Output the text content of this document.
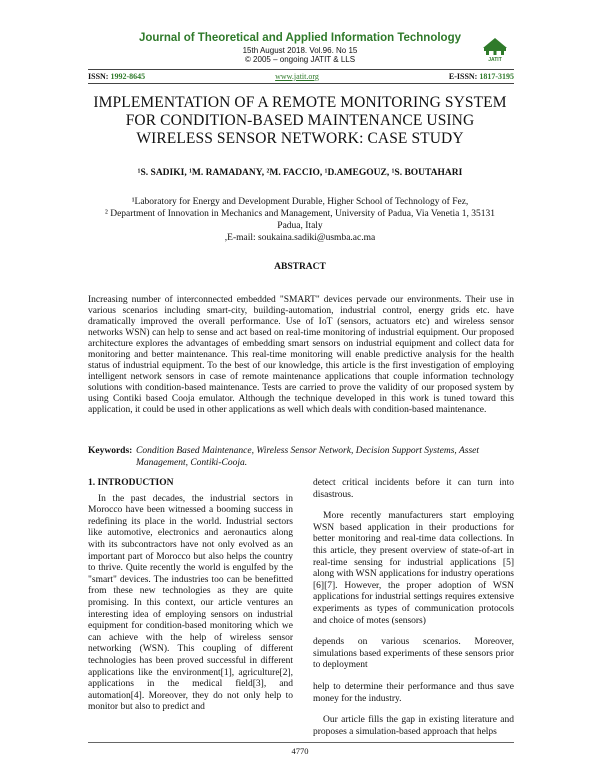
Journal of Theoretical and Applied Information Technology
15th August 2018. Vol.96. No 15
© 2005 – ongoing JATIT & LLS	JATIT
ISSN: 1992-8645	www.jatit.org	E-ISSN: 1817-3195
IMPLEMENTATION OF A REMOTE MONITORING SYSTEM
FOR CONDITION-BASED MAINTENANCE USING
WIRELESS SENSOR NETWORK: CASE STUDY
¹S. SADIKI, ¹M. RAMADANY, ²M. FACCIO, ¹D.AMEGOUZ, ¹S. BOUTAHARI
¹Laboratory for Energy and Development Durable, Higher School of Technology of Fez,
² Department of Innovation in Mechanics and Management, University of Padua, Via Venetia 1, 35131
Padua, Italy
,E-mail: soukaina.sadiki@usmba.ac.ma
ABSTRACT
Increasing number of interconnected embedded "SMART" devices pervade our environments. Their use in various scenarios including smart-city, building-automation, industrial control, energy grids etc. have dramatically improved the overall performance. Use of IoT (sensors, actuators etc) and wireless sensor networks WSN) can help to sense and act based on real-time monitoring of industrial equipment. Our proposed architecture explores the advantages of embedding smart sensors on industrial equipment and collect data for monitoring and better maintenance. This real-time monitoring will enable predictive analysis for the health status of industrial equipment. To the best of our knowledge, this article is the first investigation of employing intelligent network sensors in case of remote maintenance applications that couple information technology solutions with condition-based maintenance. Tests are carried to prove the validity of our proposed system by using Contiki based Cooja emulator. Although the technique developed in this work is tuned toward this application, it could be used in other applications as well which deals with condition-based maintenance.
Keywords: Condition Based Maintenance, Wireless Sensor Network, Decision Support Systems, Asset Management, Contiki-Cooja.
1. INTRODUCTION

In the past decades, the industrial sectors in Morocco have been witnessed a booming success in redefining its place in the world. Industrial sectors like automotive, electronics and aeronautics along with its subcontractors have not only evolved as an important part of Morocco but also helps the country to thrive. Quite recently the world is engulfed by the "smart" devices. The industries too can be benefitted from these new technologies as they are quite promising. In this context, our article ventures an interesting idea of employing sensors on industrial equipment for condition-based monitoring which we can achieve with the help of wireless sensor networking (WSN). This coupling of different technologies has been proved successful in different applications like the environment[1], agriculture[2], applications in the medical field[3], and automation[4]. Moreover, they do not only help to monitor but also to predict and

detect critical incidents before it can turn into disastrous.

More recently manufacturers start employing WSN based application in their productions for better monitoring and real-time data collections. In this article, they present overview of state-of-art in real-time sensing for industrial applications [5] along with WSN applications for industry operations [6][7]. However, the proper adoption of WSN applications for industrial settings requires extensive experiments as types of communication protocols and choice of motes (sensors)

depends on various scenarios. Moreover, simulations based experiments of these sensors prior to deployment

help to determine their performance and thus save money for the industry.

Our article fills the gap in existing literature and proposes a simulation-based approach that helps

4770
